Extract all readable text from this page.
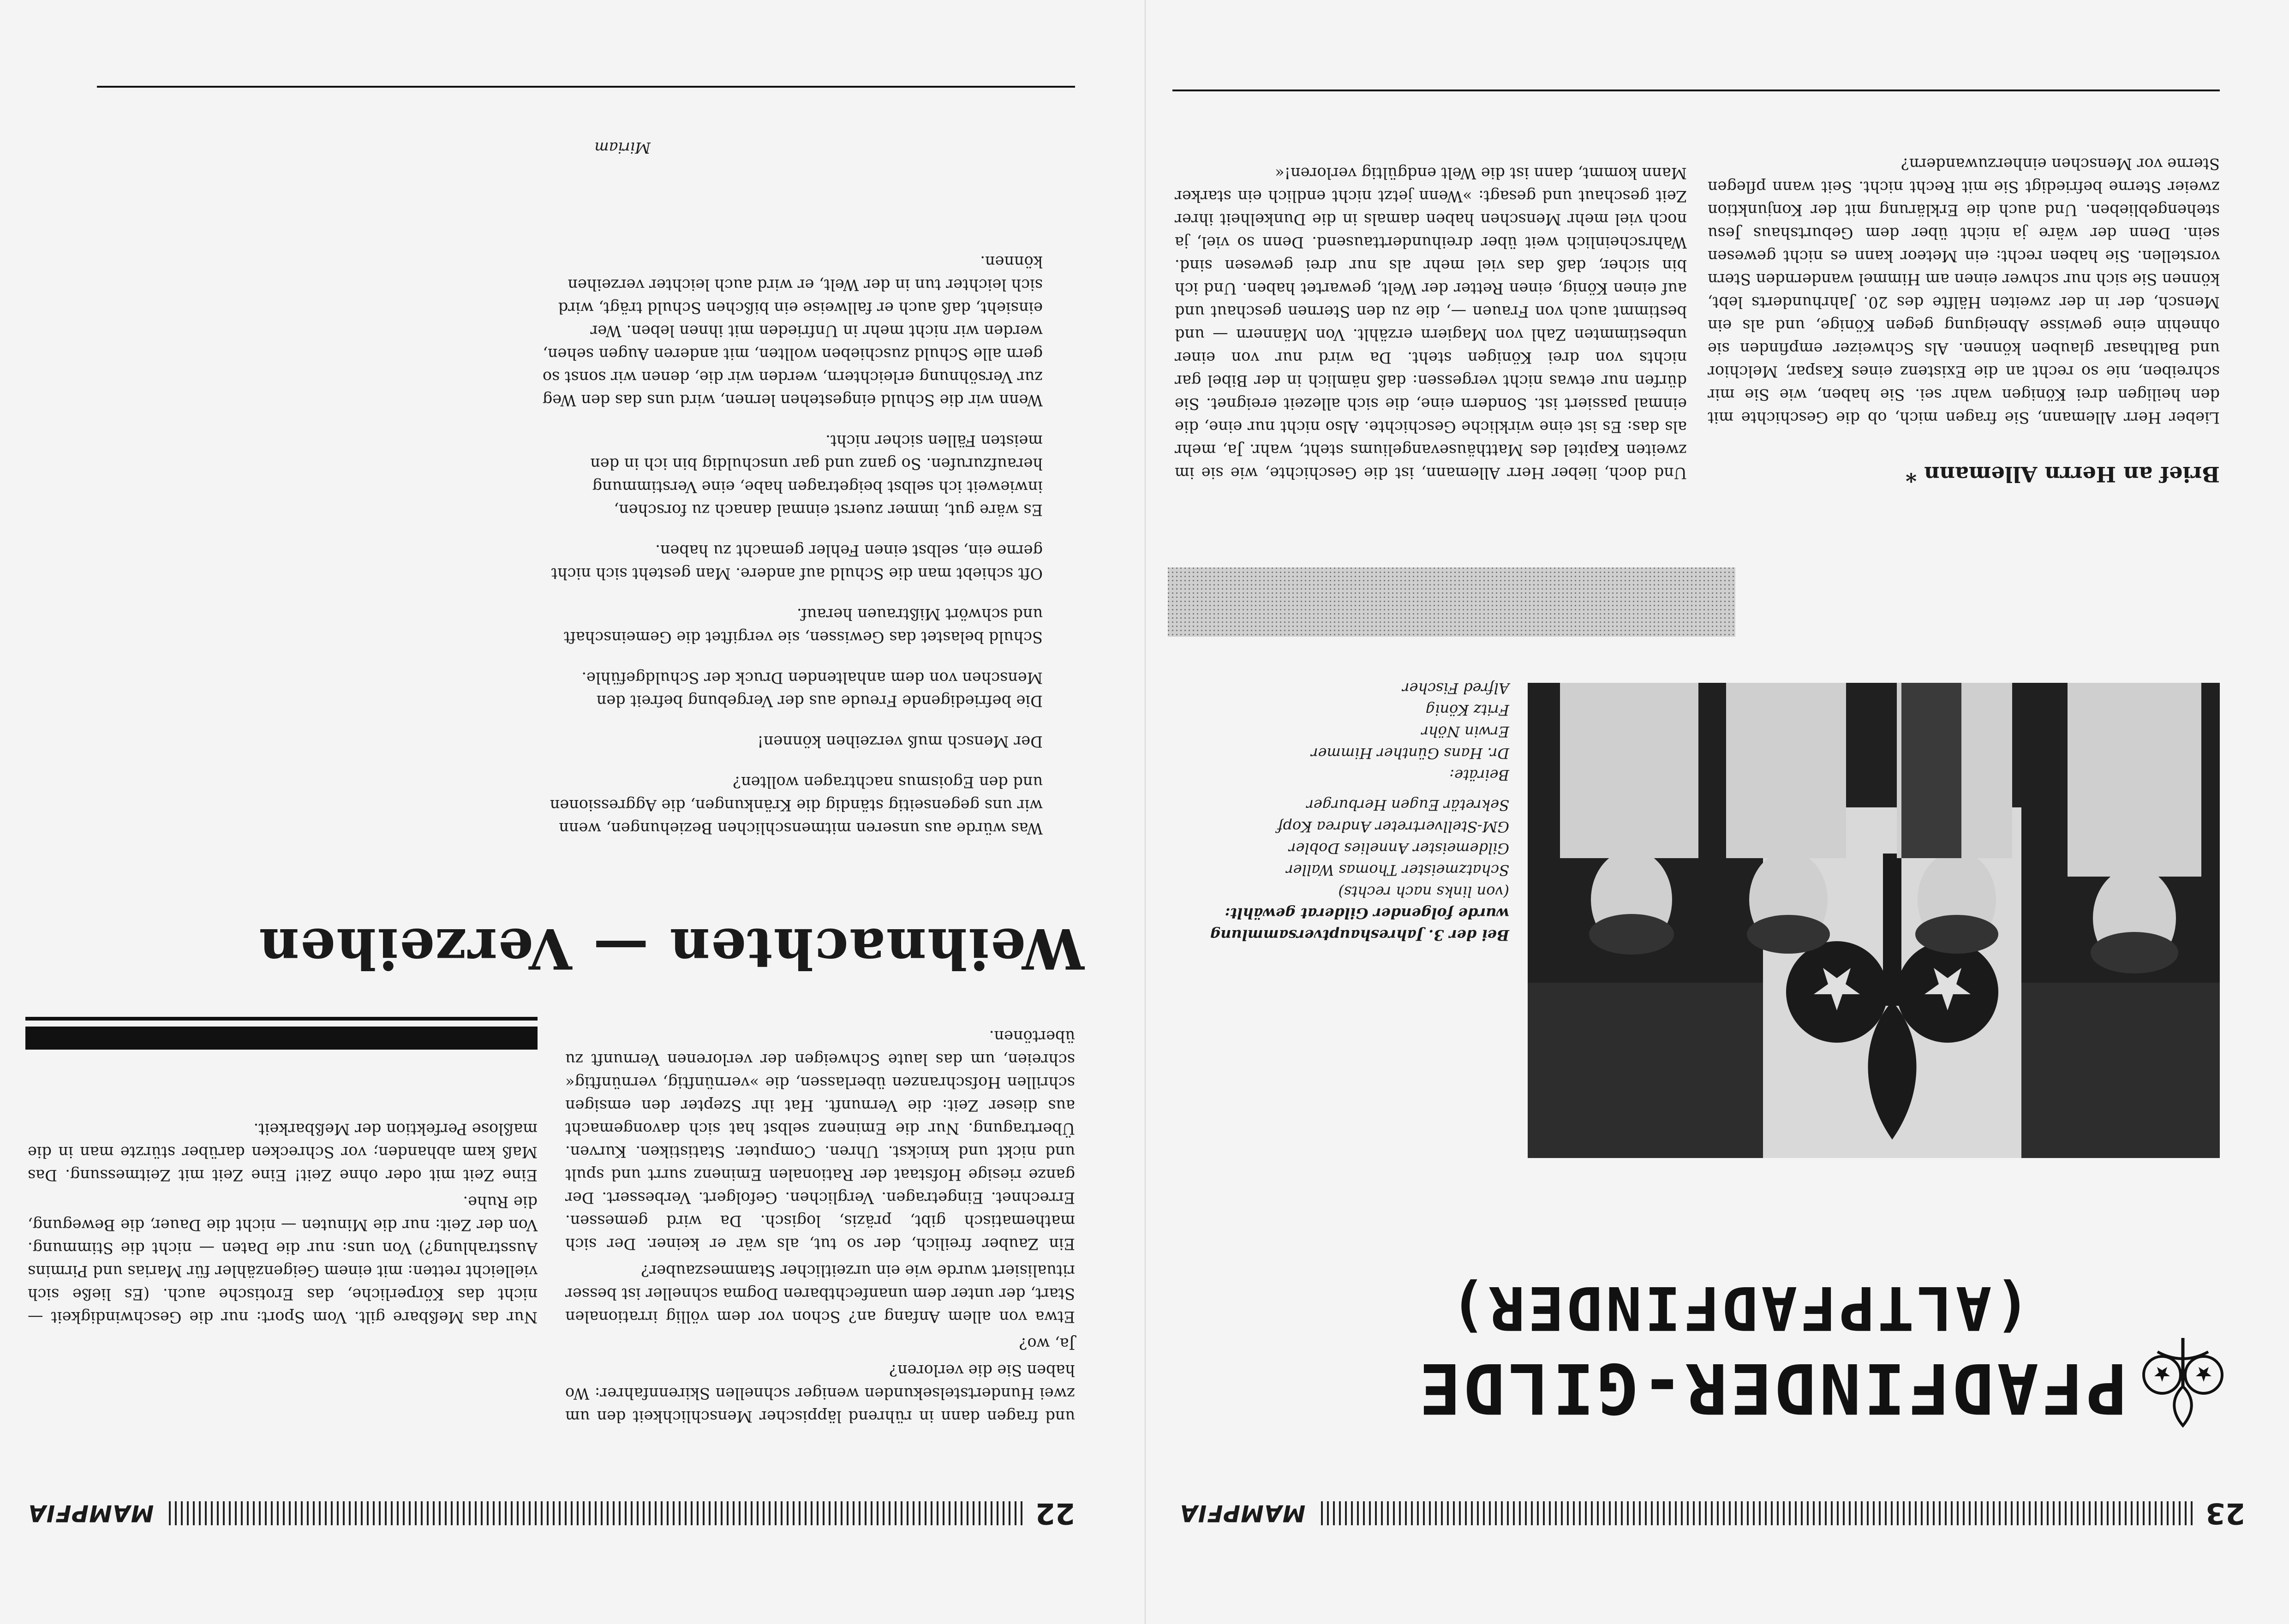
23
MAMPFIA
PFADFINDER-GILDE
(ALTPFADFINDER)
Bei der 3. Jahreshauptversammlung wurde folgender Gilderat gewählt:
(von links nach rechts)
Schatzmeister Thomas Waller
Gildemeister Annelies Dobler
GM-Stellvertreter Andrea Kopf
Sekretär Eugen Herburger
Beiräte:
Dr. Hans Günther Himmer
Erwin Nöhr
Fritz König
Alfred Fischer
Brief an Herrn Allemann *

Lieber Herr Allemann, Sie fragen mich, ob die Geschichte mit den heiligen drei Königen wahr sei. Sie haben, wie Sie mir schreiben, nie so recht an die Existenz eines Kaspar, Melchior und Balthasar glauben können. Als Schweizer empfinden sie ohnehin eine gewisse Abneigung gegen Könige, und als ein Mensch, der in der zweiten Hälfte des 20. Jahrhunderts lebt, können Sie sich nur schwer einen am Himmel wandernden Stern vorstellen. Sie haben recht: ein Meteor kann es nicht gewesen sein. Denn der wäre ja nicht über dem Geburtshaus Jesu stehengeblieben. Und auch die Erklärung mit der Konjunktion zweier Sterne befriedigt Sie mit Recht nicht. Seit wann pflegen Sterne vor Menschen einherzuwandern?

Und doch, lieber Herr Allemann, ist die Geschichte, wie sie im zweiten Kapitel des Matthäusevangeliums steht, wahr. Ja, mehr als das: Es ist eine wirkliche Geschichte. Also nicht nur eine, die einmal passiert ist. Sondern eine, die sich allezeit ereignet. Sie dürfen nur etwas nicht vergessen: daß nämlich in der Bibel gar nichts von drei Königen steht. Da wird nur von einer unbestimmten Zahl von Magiern erzählt. Von Männern — und bestimmt auch von Frauen —, die zu den Sternen geschaut und auf einen König, einen Retter der Welt, gewartet haben. Und ich bin sicher, daß das viel mehr als nur drei gewesen sind. Wahrscheinlich weit über dreihunderttausend. Denn so viel, ja noch viel mehr Menschen haben damals in die Dunkelheit ihrer Zeit geschaut und gesagt: »Wenn jetzt nicht endlich ein starker Mann kommt, dann ist die Welt endgültig verloren!«

22
MAMPFIA

und fragen dann in rührend läppischer Menschlichkeit den um zwei Hundertstelsekunden weniger schnellen Skirennfahrer: Wo haben Sie die verloren?

Ja, wo?

Etwa von allem Anfang an? Schon vor dem völlig irrationalen Start, der unter dem unanfechtbaren Dogma schneller ist besser ritualisiert wurde wie ein urzeitlicher Stammeszauber?

Ein Zauber freilich, der so tut, als wär er keiner. Der sich mathematisch gibt, präzis, logisch. Da wird gemessen. Errechnet. Eingetragen. Verglichen. Gefolgert. Verbessert. Der ganze riesige Hofstaat der Rationalen Eminenz surrt und spult und nickt und knickst. Uhren. Computer. Statistiken. Kurven. Übertragung. Nur die Eminenz selbst hat sich davongemacht aus dieser Zeit: die Vernunft. Hat ihr Szepter den emsigen schrillen Hofschranzen überlassen, die »vernünftig, vernünftig« schreien, um das laute Schweigen der verlorenen Vernunft zu übertönen.

Nur das Meßbare gilt. Vom Sport: nur die Geschwindigkeit — nicht das Körperliche, das Erotische auch. (Es ließe sich vielleicht retten: mit einem Geigenzähler für Marias und Pirmins Ausstrahlung?) Von uns: nur die Daten — nicht die Stimmung. Von der Zeit: nur die Minuten — nicht die Dauer, die Bewegung, die Ruhe.

Eine Zeit mit oder ohne Zeit! Eine Zeit mit Zeitmessung. Das Maß kam abhanden; vor Schrecken darüber stürzte man in die maßlose Perfektion der Meßbarkeit.

Weihnachten — Verzeihen

Was würde aus unseren mitmenschlichen Beziehungen, wenn wir uns gegenseitig ständig die Kränkungen, die Aggressionen und den Egoismus nachtragen wollten?

Der Mensch muß verzeihen können!

Die befriedigende Freude aus der Vergebung befreit den Menschen von dem anhaltenden Druck der Schuldgefühle.

Schuld belastet das Gewissen, sie vergiftet die Gemeinschaft und schwört Mißtrauen herauf.

Oft schiebt man die Schuld auf andere. Man gesteht sich nicht gerne ein, selbst einen Fehler gemacht zu haben.

Es wäre gut, immer zuerst einmal danach zu forschen, inwieweit ich selbst beigetragen habe, eine Verstimmung heraufzurufen. So ganz und gar unschuldig bin ich in den meisten Fällen sicher nicht.

Wenn wir die Schuld eingestehen lernen, wird uns das den Weg zur Versöhnung erleichtern, werden wir die, denen wir sonst so gern alle Schuld zuschieben wollten, mit anderen Augen sehen, werden wir nicht mehr in Unfrieden mit ihnen leben. Wer einsieht, daß auch er fallweise ein bißchen Schuld trägt, wird sich leichter tun in der Welt, er wird auch leichter verzeihen können.

Miriam
